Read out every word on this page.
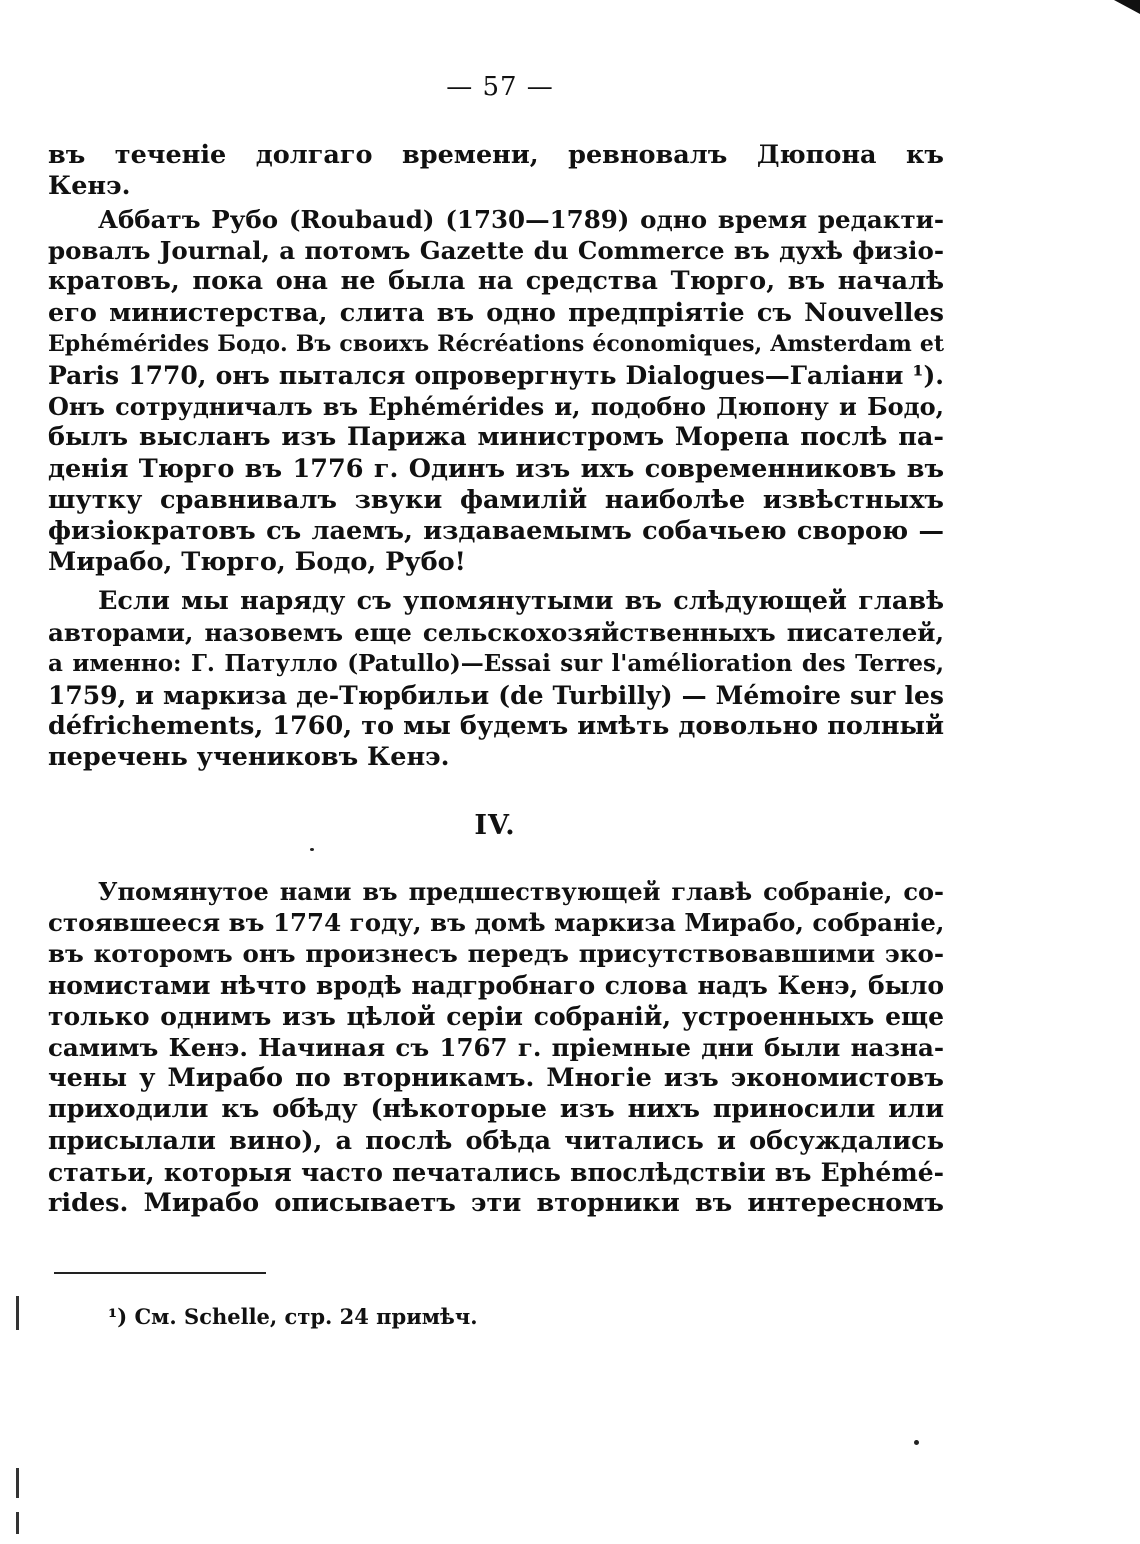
— 57 —
въ теченіе долгаго времени, ревновалъ Дюпона къ
Кенэ.
Аббатъ Рубо (Roubaud) (1730—1789) одно время редакти-
ровалъ Journal, а потомъ Gazette du Commerce въ духѣ физіо-
кратовъ, пока она не была на средства Тюрго, въ началѣ
его министерства, слита въ одно предпріятіе съ Nouvelles
Ephémérides Бодо. Въ своихъ Récréations économiques, Amsterdam et
Paris 1770, онъ пытался опровергнуть Dialogues—Галіани ¹).
Онъ сотрудничалъ въ Ephémérides и, подобно Дюпону и Бодо,
былъ высланъ изъ Парижа министромъ Морепа послѣ па-
денія Тюрго въ 1776 г. Одинъ изъ ихъ современниковъ въ
шутку сравнивалъ звуки фамилій наиболѣе извѣстныхъ
физіократовъ съ лаемъ, издаваемымъ собачьею сворою —
Мирабо, Тюрго, Бодо, Рубо!
Если мы наряду съ упомянутыми въ слѣдующей главѣ
авторами, назовемъ еще сельскохозяйственныхъ писателей,
а именно: Г. Патулло (Patullo)—Essai sur l'amélioration des Terres,
1759, и маркиза де-Тюрбильи (de Turbilly) — Mémoire sur les
défrichements, 1760, то мы будемъ имѣть довольно полный
перечень учениковъ Кенэ.
IV.
Упомянутое нами въ предшествующей главѣ собраніе, со-
стоявшееся въ 1774 году, въ домѣ маркиза Мирабо, собраніе,
въ которомъ онъ произнесъ передъ присутствовавшими эко-
номистами нѣчто вродѣ надгробнаго слова надъ Кенэ, было
только однимъ изъ цѣлой серіи собраній, устроенныхъ еще
самимъ Кенэ. Начиная съ 1767 г. пріемные дни были назна-
чены у Мирабо по вторникамъ. Многіе изъ экономистовъ
приходили къ обѣду (нѣкоторые изъ нихъ приносили или
присылали вино), а послѣ обѣда читались и обсуждались
статьи, которыя часто печатались впослѣдствіи въ Ephémé-
rides. Мирабо описываетъ эти вторники въ интересномъ
¹) См. Schelle, стр. 24 примѣч.
